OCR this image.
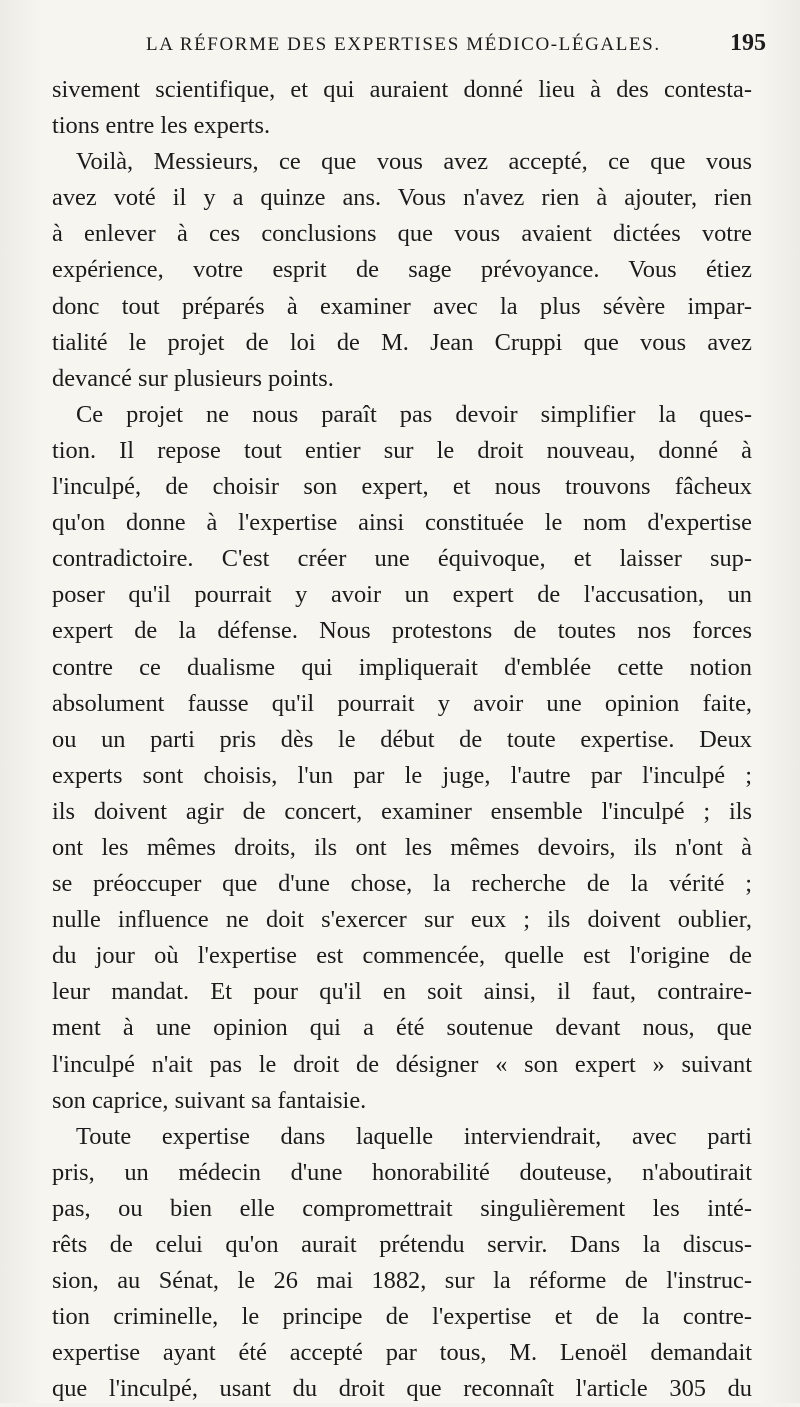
LA RÉFORME DES EXPERTISES MÉDICO-LÉGALES.	195
sivement scientifique, et qui auraient donné lieu à des contesta-
tions entre les experts.
Voilà, Messieurs, ce que vous avez accepté, ce que vous
avez voté il y a quinze ans. Vous n'avez rien à ajouter, rien
à enlever à ces conclusions que vous avaient dictées votre
expérience, votre esprit de sage prévoyance. Vous étiez
donc tout préparés à examiner avec la plus sévère impar-
tialité le projet de loi de M. Jean Cruppi que vous avez
devancé sur plusieurs points.
Ce projet ne nous paraît pas devoir simplifier la ques-
tion. Il repose tout entier sur le droit nouveau, donné à
l'inculpé, de choisir son expert, et nous trouvons fâcheux
qu'on donne à l'expertise ainsi constituée le nom d'expertise
contradictoire. C'est créer une équivoque, et laisser sup-
poser qu'il pourrait y avoir un expert de l'accusation, un
expert de la défense. Nous protestons de toutes nos forces
contre ce dualisme qui impliquerait d'emblée cette notion
absolument fausse qu'il pourrait y avoir une opinion faite,
ou un parti pris dès le début de toute expertise. Deux
experts sont choisis, l'un par le juge, l'autre par l'inculpé ;
ils doivent agir de concert, examiner ensemble l'inculpé ; ils
ont les mêmes droits, ils ont les mêmes devoirs, ils n'ont à
se préoccuper que d'une chose, la recherche de la vérité ;
nulle influence ne doit s'exercer sur eux ; ils doivent oublier,
du jour où l'expertise est commencée, quelle est l'origine de
leur mandat. Et pour qu'il en soit ainsi, il faut, contraire-
ment à une opinion qui a été soutenue devant nous, que
l'inculpé n'ait pas le droit de désigner « son expert » suivant
son caprice, suivant sa fantaisie.
Toute expertise dans laquelle interviendrait, avec parti
pris, un médecin d'une honorabilité douteuse, n'aboutirait
pas, ou bien elle compromettrait singulièrement les inté-
rêts de celui qu'on aurait prétendu servir. Dans la discus-
sion, au Sénat, le 26 mai 1882, sur la réforme de l'instruc-
tion criminelle, le principe de l'expertise et de la contre-
expertise ayant été accepté par tous, M. Lenoël demandait
que l'inculpé, usant du droit que reconnaît l'article 305 du
